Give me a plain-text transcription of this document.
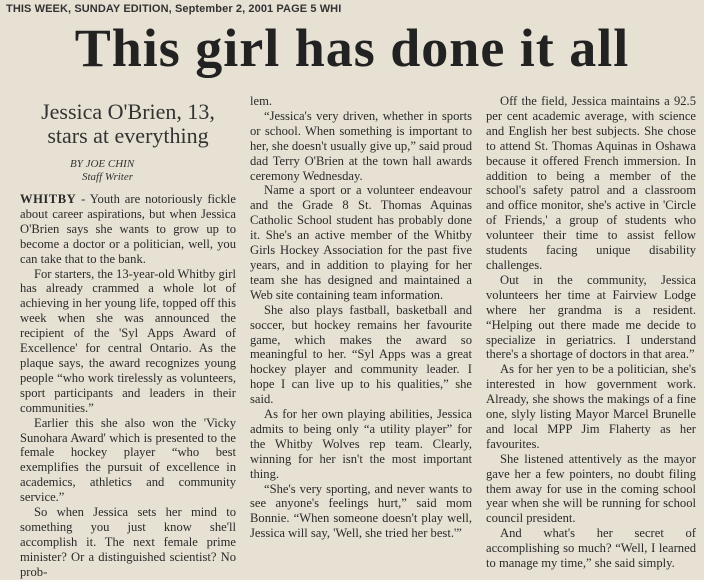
THIS WEEK, SUNDAY EDITION, September 2, 2001 PAGE 5 WHI
This girl has done it all
Jessica O'Brien, 13, stars at everything
BY JOE CHIN
Staff Writer

WHITBY - Youth are notoriously fickle about career aspirations, but when Jessica O'Brien says she wants to grow up to become a doctor or a politician, well, you can take that to the bank.

For starters, the 13-year-old Whitby girl has already crammed a whole lot of achieving in her young life, topped off this week when she was announced the recipient of the 'Syl Apps Award of Excellence' for central Ontario. As the plaque says, the award recognizes young people “who work tirelessly as volunteers, sport participants and leaders in their communities.”

Earlier this she also won the 'Vicky Sunohara Award' which is presented to the female hockey player “who best exemplifies the pursuit of excellence in academics, athletics and community service.”

So when Jessica sets her mind to something you just know she'll accomplish it. The next female prime minister? Or a distinguished scientist? No prob-

lem.

“Jessica's very driven, whether in sports or school. When something is important to her, she doesn't usually give up,” said proud dad Terry O'Brien at the town hall awards ceremony Wednesday.

Name a sport or a volunteer endeavour and the Grade 8 St. Thomas Aquinas Catholic School student has probably done it. She's an active member of the Whitby Girls Hockey Association for the past five years, and in addition to playing for her team she has designed and maintained a Web site containing team information.

She also plays fastball, basketball and soccer, but hockey remains her favourite game, which makes the award so meaningful to her. “Syl Apps was a great hockey player and community leader. I hope I can live up to his qualities,” she said.

As for her own playing abilities, Jessica admits to being only “a utility player” for the Whitby Wolves rep team. Clearly, winning for her isn't the most important thing.

“She's very sporting, and never wants to see anyone's feelings hurt,” said mom Bonnie. “When someone doesn't play well, Jessica will say, 'Well, she tried her best.'”

Off the field, Jessica maintains a 92.5 per cent academic average, with science and English her best subjects. She chose to attend St. Thomas Aquinas in Oshawa because it offered French immersion. In addition to being a member of the school's safety patrol and a classroom and office monitor, she's active in 'Circle of Friends,' a group of students who volunteer their time to assist fellow students facing unique disability challenges.

Out in the community, Jessica volunteers her time at Fairview Lodge where her grandma is a resident. “Helping out there made me decide to specialize in geriatrics. I understand there's a shortage of doctors in that area.”

As for her yen to be a politician, she's interested in how government work. Already, she shows the makings of a fine one, slyly listing Mayor Marcel Brunelle and local MPP Jim Flaherty as her favourites.

She listened attentively as the mayor gave her a few pointers, no doubt filing them away for use in the coming school year when she will be running for school council president.

And what's her secret of accomplishing so much? “Well, I learned to manage my time,” she said simply.
